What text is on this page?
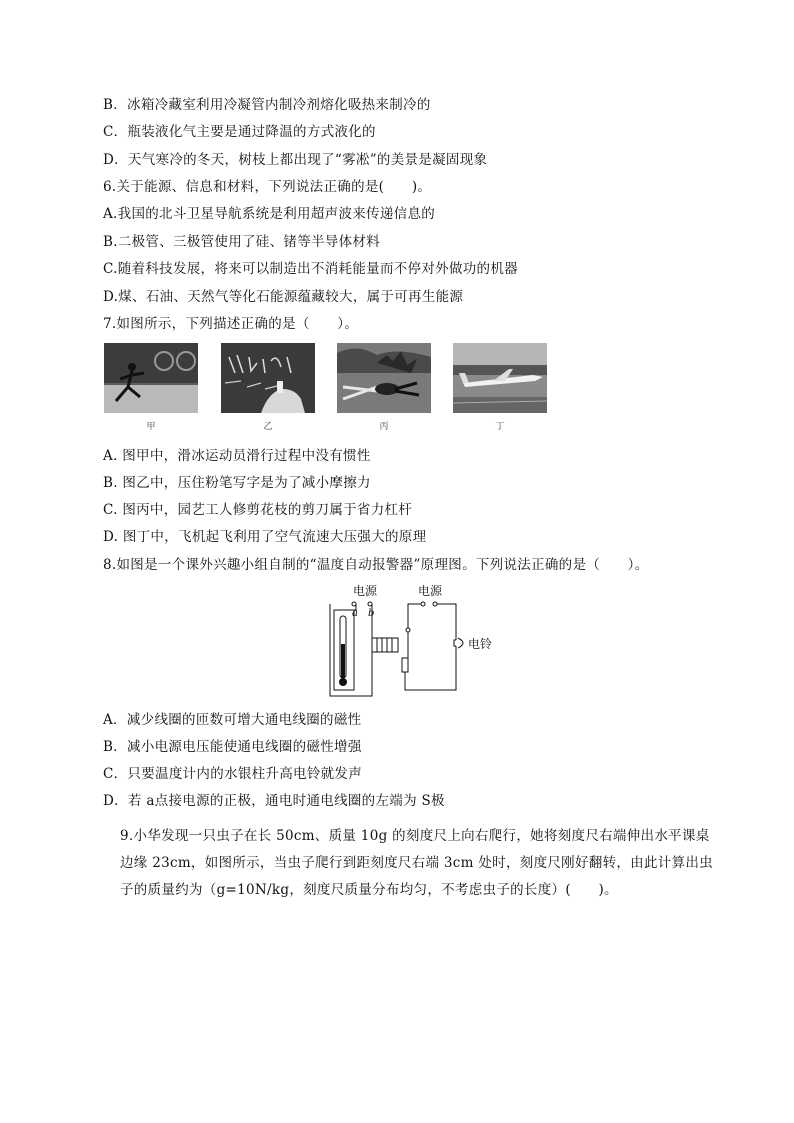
B．冰箱冷藏室利用冷凝管内制冷剂熔化吸热来制冷的
C．瓶装液化气主要是通过降温的方式液化的
D．天气寒冷的冬天，树枝上都出现了“雾凇”的美景是凝固现象
6.关于能源、信息和材料，下列说法正确的是(　　)。
A.我国的北斗卫星导航系统是利用超声波来传递信息的
B.二极管、三极管使用了硅、锗等半导体材料
C.随着科技发展，将来可以制造出不消耗能量而不停对外做功的机器
D.煤、石油、天然气等化石能源蕴藏较大，属于可再生能源
7.如图所示，下列描述正确的是（　　）。
甲	乙	丙	丁
A. 图甲中，滑冰运动员滑行过程中没有惯性
B. 图乙中，压住粉笔写字是为了减小摩擦力
C. 图丙中，园艺工人修剪花枝的剪刀属于省力杠杆
D. 图丁中，飞机起飞利用了空气流速大压强大的原理
8.如图是一个课外兴趣小组自制的“温度自动报警器”原理图。下列说法正确的是（　　）。
电源	电源
a b
电铃
A．减少线圈的匝数可增大通电线圈的磁性
B．减小电源电压能使通电线圈的磁性增强
C．只要温度计内的水银柱升高电铃就发声
D．若 a点接电源的正极，通电时通电线圈的左端为 S极
9.小华发现一只虫子在长 50cm、质量 10g 的刻度尺上向右爬行，她将刻度尺右端伸出水平课桌边缘 23cm，如图所示，当虫子爬行到距刻度尺右端 3cm 处时，刻度尺刚好翻转，由此计算出虫子的质量约为（g=10N/kg，刻度尺质量分布均匀，不考虑虫子的长度）(　　)。
